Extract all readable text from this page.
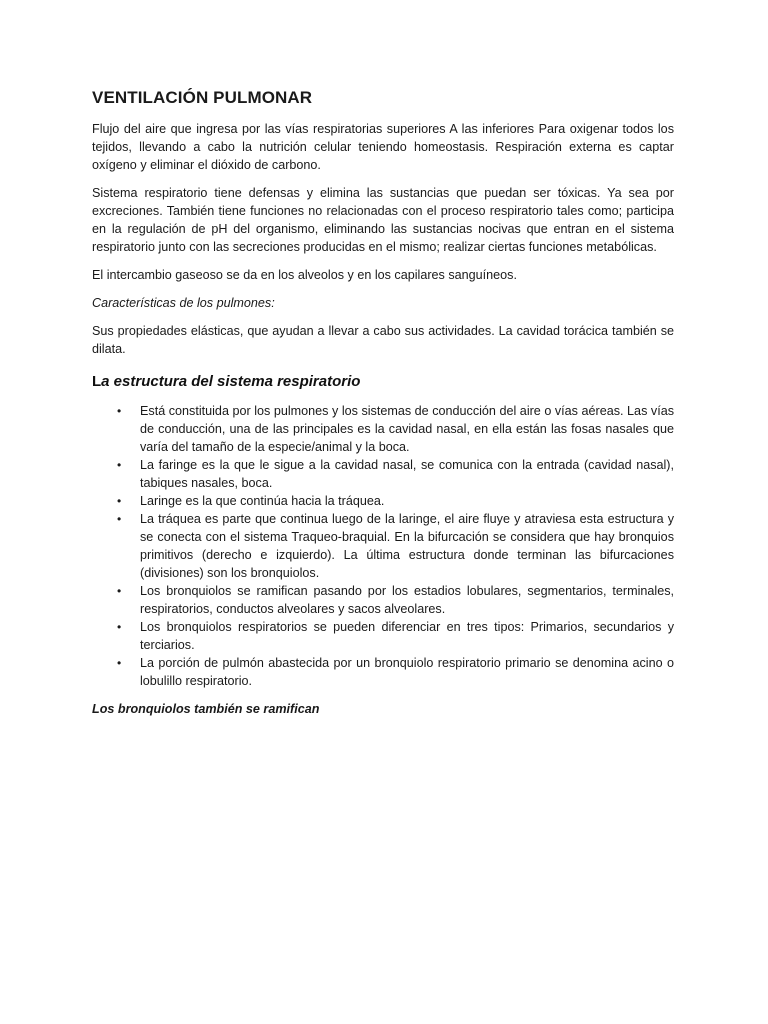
VENTILACIÓN PULMONAR

Flujo del aire que ingresa por las vías respiratorias superiores A las inferiores Para oxigenar todos los tejidos, llevando a cabo la nutrición celular teniendo homeostasis. Respiración externa es captar oxígeno y eliminar el dióxido de carbono.

Sistema respiratorio tiene defensas y elimina las sustancias que puedan ser tóxicas. Ya sea por excreciones. También tiene funciones no relacionadas con el proceso respiratorio tales como; participa en la regulación de pH del organismo, eliminando las sustancias nocivas que entran en el sistema respiratorio junto con las secreciones producidas en el mismo; realizar ciertas funciones metabólicas.

El intercambio gaseoso se da en los alveolos y en los capilares sanguíneos.

Características de los pulmones:

Sus propiedades elásticas, que ayudan a llevar a cabo sus actividades. La cavidad torácica también se dilata.

La estructura del sistema respiratorio
• Está constituida por los pulmones y los sistemas de conducción del aire o vías aéreas. Las vías de conducción, una de las principales es la cavidad nasal, en ella están las fosas nasales que varía del tamaño de la especie/animal y la boca.
• La faringe es la que le sigue a la cavidad nasal, se comunica con la entrada (cavidad nasal), tabiques nasales, boca.
• Laringe es la que continúa hacia la tráquea.
• La tráquea es parte que continua luego de la laringe, el aire fluye y atraviesa esta estructura y se conecta con el sistema Traqueo-braquial. En la bifurcación se considera que hay bronquios primitivos (derecho e izquierdo). La última estructura donde terminan las bifurcaciones (divisiones) son los bronquiolos.
• Los bronquiolos se ramifican pasando por los estadios lobulares, segmentarios, terminales, respiratorios, conductos alveolares y sacos alveolares.
• Los bronquiolos respiratorios se pueden diferenciar en tres tipos: Primarios, secundarios y terciarios.
• La porción de pulmón abastecida por un bronquiolo respiratorio primario se denomina acino o lobulillo respiratorio.

Los bronquiolos también se ramifican
